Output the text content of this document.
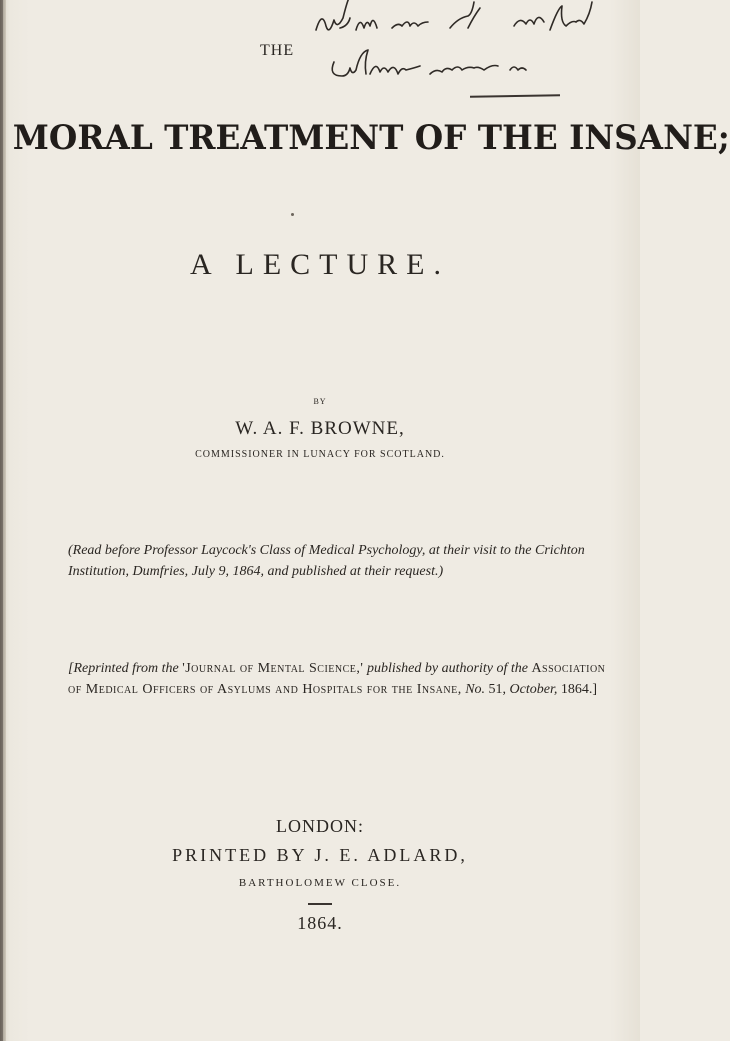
THE
MORAL TREATMENT OF THE INSANE;
A LECTURE.
BY
W. A. F. BROWNE,
COMMISSIONER IN LUNACY FOR SCOTLAND.
(Read before Professor Laycock's Class of Medical Psychology, at their visit to the Crichton Institution, Dumfries, July 9, 1864, and published at their request.)
[Reprinted from the 'Journal of Mental Science,' published by authority of the Association of Medical Officers of Asylums and Hospitals for the Insane, No. 51, October, 1864.]
LONDON:
PRINTED BY J. E. ADLARD,
BARTHOLOMEW CLOSE.
1864.
